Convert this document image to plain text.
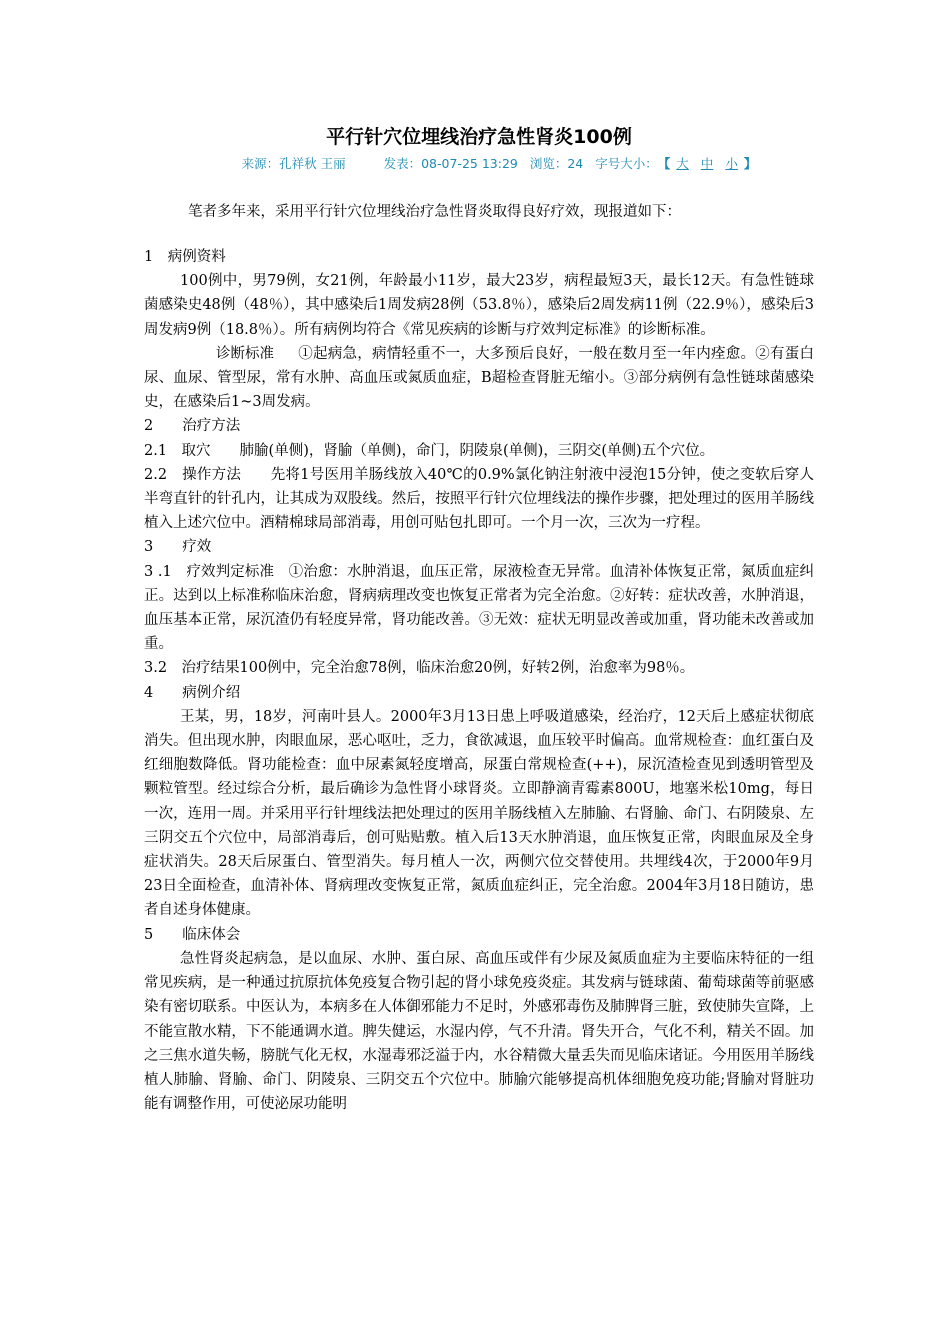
平行针穴位埋线治疗急性肾炎100例
来源：孔祥秋 王丽	发表：08-07-25 13:29 浏览：24 字号大小：【 大 中 小 】

笔者多年来，采用平行针穴位埋线治疗急性肾炎取得良好疗效，现报道如下：

1　病例资料

100例中，男79例，女21例，年龄最小11岁，最大23岁，病程最短3天，最长12天。有急性链球菌感染史48例（48％），其中感染后1周发病28例（53.8％），感染后2周发病11例（22.9％），感染后3周发病9例（18.8％）。所有病例均符合《常见疾病的诊断与疗效判定标准》的诊断标准。

诊断标准 ①起病急，病情轻重不一，大多预后良好，一般在数月至一年内痊愈。②有蛋白尿、血尿、管型尿，常有水肿、高血压或氮质血症，B超检查肾脏无缩小。③部分病例有急性链球菌感染史，在感染后1~3周发病。

2　　治疗方法

2.1　取穴　　肺腧(单侧)，肾腧（单侧)，命门，阴陵泉(单侧)，三阴交(单侧)五个穴位。

2.2　操作方法　　先将1号医用羊肠线放入40℃的0.9%氯化钠注射液中浸泡15分钟，使之变软后穿人半弯直针的针孔内，让其成为双股线。然后，按照平行针穴位埋线法的操作步骤，把处理过的医用羊肠线植入上述穴位中。酒精棉球局部消毒，用创可贴包扎即可。一个月一次，三次为一疗程。

3　　疗效

3 .1　疗效判定标准　①治愈：水肿消退，血压正常，尿液检查无异常。血清补体恢复正常，氮质血症纠正。达到以上标准称临床治愈，肾病病理改变也恢复正常者为完全治愈。②好转：症状改善，水肿消退，血压基本正常，尿沉渣仍有轻度异常，肾功能改善。③无效：症状无明显改善或加重，肾功能未改善或加重。

3.2　治疗结果100例中，完全治愈78例，临床治愈20例，好转2例，治愈率为98％。

4　　病例介绍

王某，男，18岁，河南叶县人。2000年3月13日患上呼吸道感染，经治疗，12天后上感症状彻底消失。但出现水肿，肉眼血尿，恶心呕吐，乏力，食欲减退，血压较平时偏高。血常规检查：血红蛋白及红细胞数降低。肾功能检查：血中尿素氮轻度增高，尿蛋白常规检查(++)，尿沉渣检查见到透明管型及颗粒管型。经过综合分析，最后确诊为急性肾小球肾炎。立即静滴青霉素800U，地塞米松10mg，每日一次，连用一周。并采用平行针埋线法把处理过的医用羊肠线植入左肺腧、右肾腧、命门、右阴陵泉、左三阴交五个穴位中，局部消毒后，创可贴贴敷。植入后13天水肿消退，血压恢复正常，肉眼血尿及全身症状消失。28天后尿蛋白、管型消失。每月植人一次，两侧穴位交替使用。共埋线4次，于2000年9月23日全面检查，血清补体、肾病理改变恢复正常，氮质血症纠正，完全治愈。2004年3月18日随访，患者自述身体健康。

5　　临床体会

急性肾炎起病急，是以血尿、水肿、蛋白尿、高血压或伴有少尿及氮质血症为主要临床特征的一组常见疾病，是一种通过抗原抗体免疫复合物引起的肾小球免疫炎症。其发病与链球菌、葡萄球菌等前驱感染有密切联系。中医认为，本病多在人体御邪能力不足时，外感邪毒伤及肺脾肾三脏，致使肺失宣降，上不能宣散水精，下不能通调水道。脾失健运，水湿内停，气不升清。肾失开合，气化不利，精关不固。加之三焦水道失畅，膀胱气化无权，水湿毒邪泛溢于内，水谷精微大量丢失而见临床诸证。今用医用羊肠线植人肺腧、肾腧、命门、阴陵泉、三阴交五个穴位中。肺腧穴能够提高机体细胞免疫功能;肾腧对肾脏功能有调整作用，可使泌尿功能明
